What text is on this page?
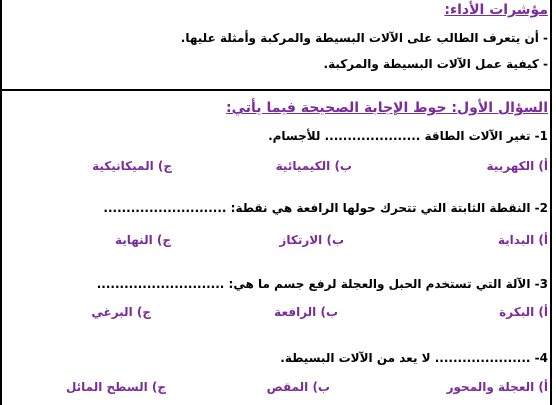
مؤشرات الأداء:
- أن يتعرف الطالب على الآلات البسيطة والمركبة وأمثلة عليها.
- كيفية عمل الآلات البسيطة والمركبة.
السؤال الأول: حوط الإجابة الصحيحة فيما يأتي:
1- تغير الآلات الطاقة ..................... للأجسام.
أ) الكهربية
ب) الكيميائية
ج) الميكانيكية
2- النقطة الثابتة التي تتحرك حولها الرافعة هي نقطة: ...........................
أ) البداية
ب) الارتكاز
ج) النهاية
3- الآلة التي تستخدم الحبل والعجلة لرفع جسم ما هي: ............................
أ) البكرة
ب) الرافعة
ج) البرغي
4- ..................... لا يعد من الآلات البسيطة.
أ) العجلة والمحور
ب) المقص
ج) السطح المائل
